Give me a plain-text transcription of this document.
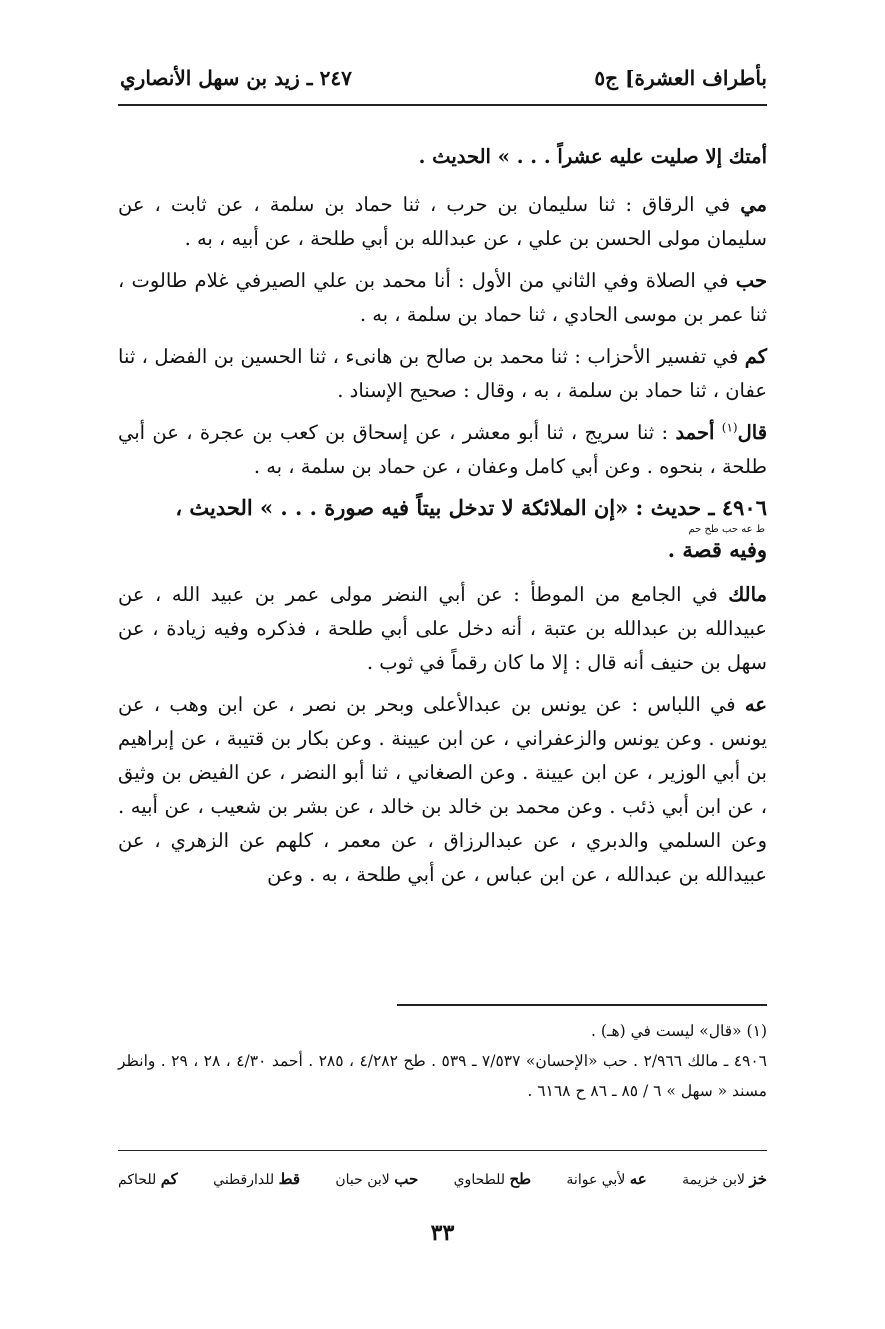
بأطراف العشرة] ج٥
٢٤٧ ـ زيد بن سهل الأنصاري

أمتك إلا صليت عليه عشراً . . . » الحديث .

مي في الرقاق : ثنا سليمان بن حرب ، ثنا حماد بن سلمة ، عن ثابت ، عن سليمان مولى الحسن بن علي ، عن عبدالله بن أبي طلحة ، عن أبيه ، به .

حب في الصلاة وفي الثاني من الأول : أنا محمد بن علي الصيرفي غلام طالوت ، ثنا عمر بن موسى الحادي ، ثنا حماد بن سلمة ، به .

كم في تفسير الأحزاب : ثنا محمد بن صالح بن هانىء ، ثنا الحسين بن الفضل ، ثنا عفان ، ثنا حماد بن سلمة ، به ، وقال : صحيح الإسناد .

قال$^{(١)}$ أحمد : ثنا سريج ، ثنا أبو معشر ، عن إسحاق بن كعب بن عجرة ، عن أبي طلحة ، بنحوه . وعن أبي كامل وعفان ، عن حماد بن سلمة ، به .

٤٩٠٦ ـ حديث : «إن الملائكة لا تدخل بيتاً فيه صورة . . . » الحديث ،

ط عه حب طح حم

وفيه قصة .

مالك في الجامع من الموطأ : عن أبي النضر مولى عمر بن عبيد الله ، عن عبيدالله بن عبدالله بن عتبة ، أنه دخل على أبي طلحة ، فذكره وفيه زيادة ، عن سهل بن حنيف أنه قال : إلا ما كان رقماً في ثوب .

عه في اللباس : عن يونس بن عبدالأعلى وبحر بن نصر ، عن ابن وهب ، عن يونس . وعن يونس والزعفراني ، عن ابن عيينة . وعن بكار بن قتيبة ، عن إبراهيم بن أبي الوزير ، عن ابن عيينة . وعن الصغاني ، ثنا أبو النضر ، عن الفيض بن وثيق ، عن ابن أبي ذئب . وعن محمد بن خالد بن خالد ، عن بشر بن شعيب ، عن أبيه . وعن السلمي والدبري ، عن عبدالرزاق ، عن معمر ، كلهم عن الزهري ، عن عبيدالله بن عبدالله ، عن ابن عباس ، عن أبي طلحة ، به . وعن

(١) «قال» ليست في (هـ) .

٤٩٠٦ ـ مالك ٢/٩٦٦ . حب «الإحسان» ٧/٥٣٧ ـ ٥٣٩ . طح ٤/٢٨٢ ، ٢٨٥ . أحمد ٤/٣٠ ، ٢٨ ، ٢٩ . وانظر مسند « سهل » ٦ / ٨٥ ـ ٨٦ ح ٦١٦٨ .

خز لابن خزيمة
عه لأبي عوانة
طح للطحاوي
حب لابن حبان
قط للدارقطني
كم للحاكم
٣٣
